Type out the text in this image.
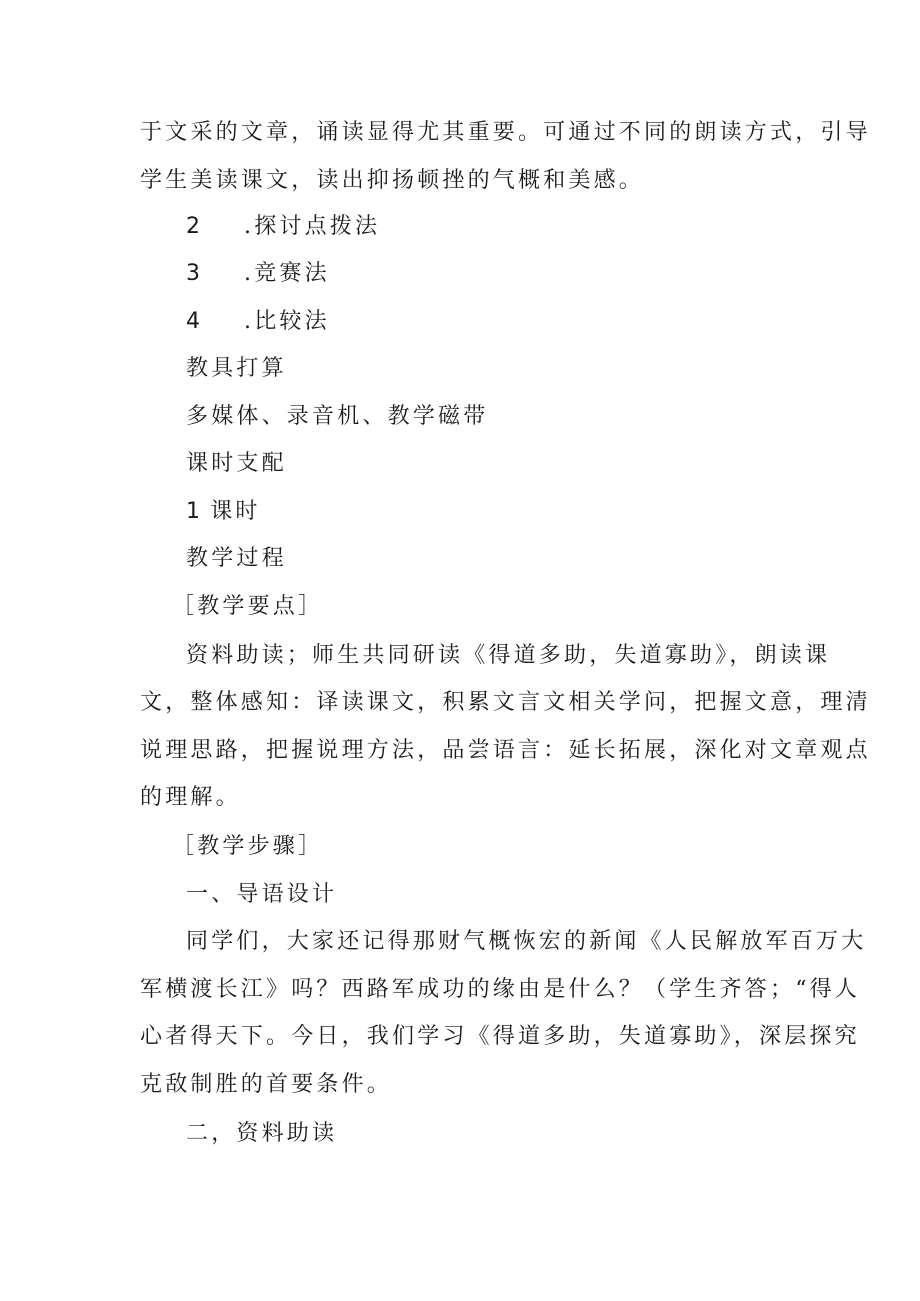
于文采的文章，诵读显得尤其重要。可通过不同的朗读方式，引导
学生美读课文，读出抑扬顿挫的气概和美感。
2 .探讨点拨法
3 .竞赛法
4 .比较法
教具打算
多媒体、录音机、教学磁带
课时支配
1 课时
教学过程
［教学要点］
资料助读；师生共同研读《得道多助，失道寡助》，朗读课
文，整体感知：译读课文，积累文言文相关学问，把握文意，理清
说理思路，把握说理方法，品尝语言：延长拓展，深化对文章观点
的理解。
［教学步骤］
一、导语设计
同学们，大家还记得那财气概恢宏的新闻《人民解放军百万大
军横渡长江》吗？西路军成功的缘由是什么？（学生齐答；“得人
心者得天下。今日，我们学习《得道多助，失道寡助》，深层探究
克敌制胜的首要条件。
二，资料助读
